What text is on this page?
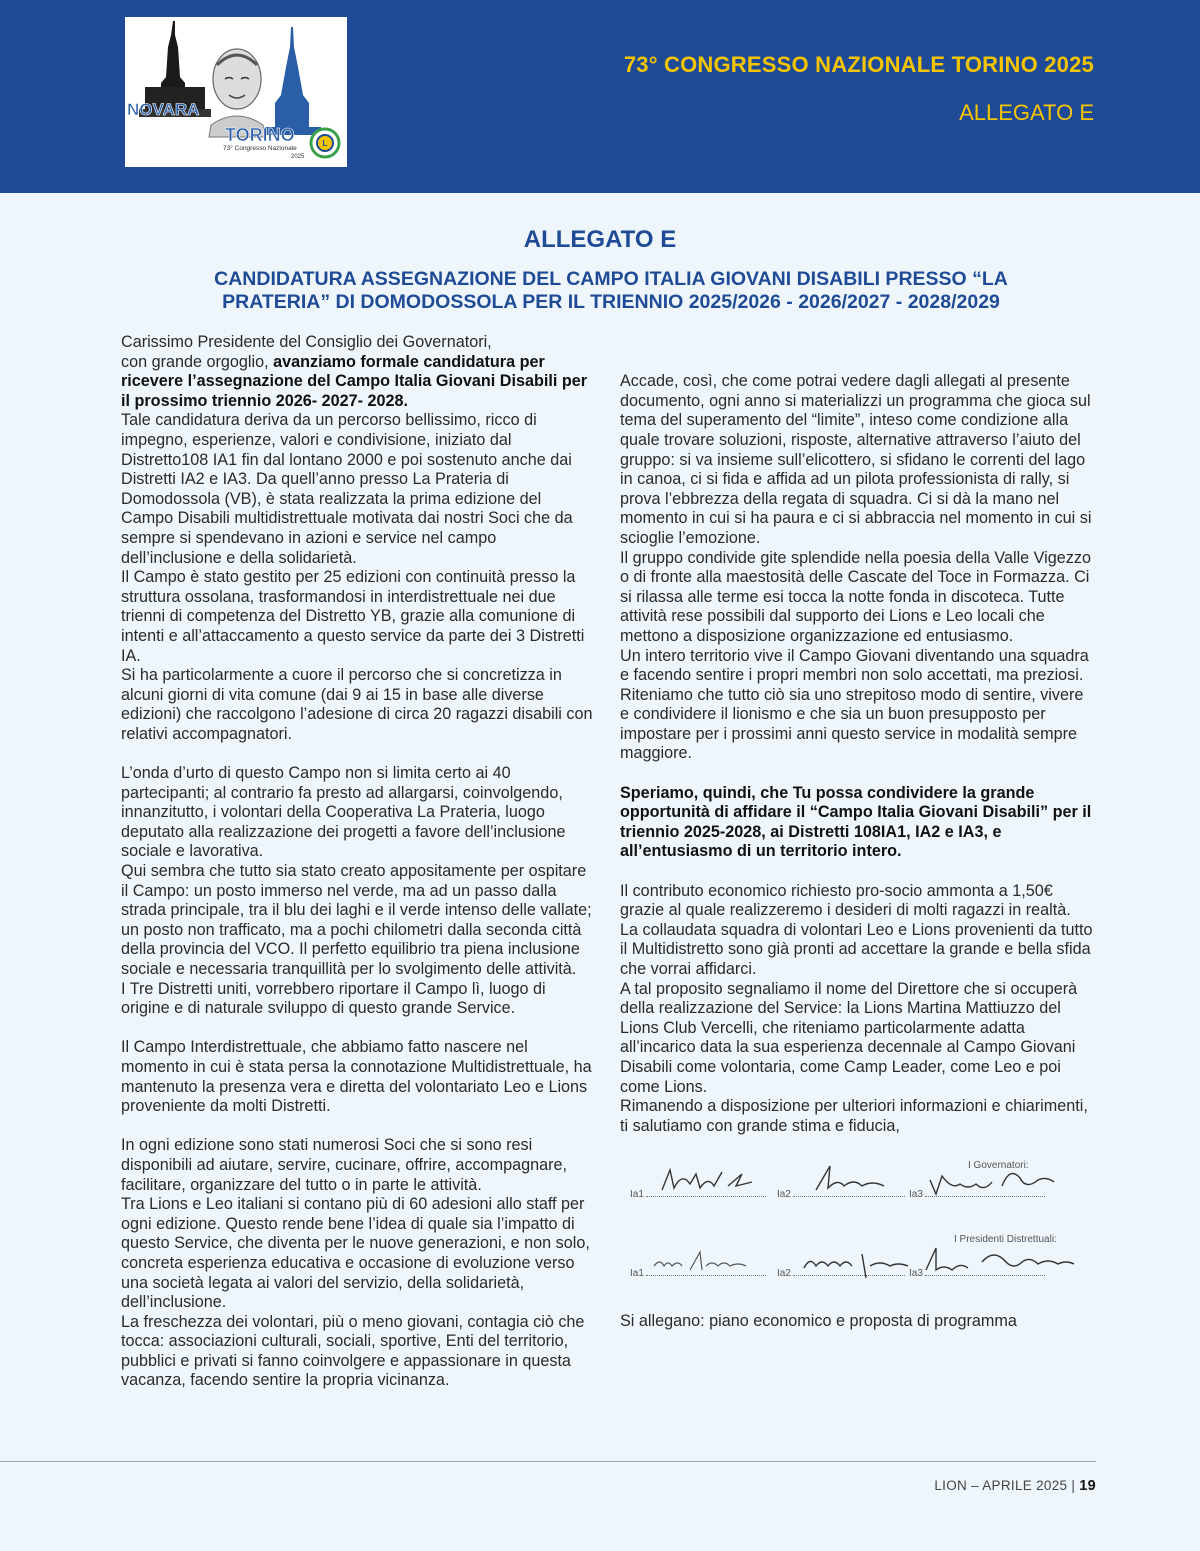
L
NOVARA
TORINO
73° Congresso Nazionale
2025
73° CONGRESSO NAZIONALE TORINO 2025
ALLEGATO E
ALLEGATO E
CANDIDATURA ASSEGNAZIONE DEL CAMPO ITALIA GIOVANI DISABILI PRESSO “LA
PRATERIA” DI DOMODOSSOLA PER IL TRIENNIO 2025/2026 - 2026/2027 - 2028/2029

Carissimo Presidente del Consiglio dei Governatori,

con grande orgoglio, avanziamo formale candidatura per ricevere l’assegnazione del Campo Italia Giovani Disabili per il prossimo triennio 2026- 2027- 2028.

Tale candidatura deriva da un percorso bellissimo, ricco di impegno, esperienze, valori e condivisione, iniziato dal Distretto108 IA1 fin dal lontano 2000 e poi sostenuto anche dai Distretti IA2 e IA3. Da quell’anno presso La Prateria di Domodossola (VB), è stata realizzata la prima edizione del Campo Disabili multidistrettuale motivata dai nostri Soci che da sempre si spendevano in azioni e service nel campo dell’inclusione e della solidarietà.

Il Campo è stato gestito per 25 edizioni con continuità presso la struttura ossolana, trasformandosi in interdistrettuale nei due trienni di competenza del Distretto YB, grazie alla comunione di intenti e all’attaccamento a questo service da parte dei 3 Distretti IA.

Si ha particolarmente a cuore il percorso che si concretizza in alcuni giorni di vita comune (dai 9 ai 15 in base alle diverse edizioni) che raccolgono l’adesione di circa 20 ragazzi disabili con relativi accompagnatori.

L’onda d’urto di questo Campo non si limita certo ai 40 partecipanti; al contrario fa presto ad allargarsi, coinvolgendo, innanzitutto, i volontari della Cooperativa La Prateria, luogo deputato alla realizzazione dei progetti a favore dell’inclusione sociale e lavorativa.

Qui sembra che tutto sia stato creato appositamente per ospitare il Campo: un posto immerso nel verde, ma ad un passo dalla strada principale, tra il blu dei laghi e il verde intenso delle vallate; un posto non trafficato, ma a pochi chilometri dalla seconda città della provincia del VCO. Il perfetto equilibrio tra piena inclusione sociale e necessaria tranquillità per lo svolgimento delle attività.

I Tre Distretti uniti, vorrebbero riportare il Campo lì, luogo di origine e di naturale sviluppo di questo grande Service.

Il Campo Interdistrettuale, che abbiamo fatto nascere nel momento in cui è stata persa la connotazione Multidistrettuale, ha mantenuto la presenza vera e diretta del volontariato Leo e Lions proveniente da molti Distretti.

In ogni edizione sono stati numerosi Soci che si sono resi disponibili ad aiutare, servire, cucinare, offrire, accompagnare, facilitare, organizzare del tutto o in parte le attività.

Tra Lions e Leo italiani si contano più di 60 adesioni allo staff per ogni edizione. Questo rende bene l’idea di quale sia l’impatto di questo Service, che diventa per le nuove generazioni, e non solo, concreta esperienza educativa e occasione di evoluzione verso una società legata ai valori del servizio, della solidarietà, dell’inclusione.

La freschezza dei volontari, più o meno giovani, contagia ciò che tocca: associazioni culturali, sociali, sportive, Enti del territorio, pubblici e privati si fanno coinvolgere e appassionare in questa vacanza, facendo sentire la propria vicinanza.

Accade, così, che come potrai vedere dagli allegati al presente documento, ogni anno si materializzi un programma che gioca sul tema del superamento del “limite”, inteso come condizione alla quale trovare soluzioni, risposte, alternative attraverso l’aiuto del gruppo: si va insieme sull’elicottero, si sfidano le correnti del lago in canoa, ci si fida e affida ad un pilota professionista di rally, si prova l’ebbrezza della regata di squadra. Ci si dà la mano nel momento in cui si ha paura e ci si abbraccia nel momento in cui si scioglie l’emozione.

Il gruppo condivide gite splendide nella poesia della Valle Vigezzo o di fronte alla maestosità delle Cascate del Toce in Formazza. Ci si rilassa alle terme esi tocca la notte fonda in discoteca. Tutte attività rese possibili dal supporto dei Lions e Leo locali che mettono a disposizione organizzazione ed entusiasmo.

Un intero territorio vive il Campo Giovani diventando una squadra e facendo sentire i propri membri non solo accettati, ma preziosi.

Riteniamo che tutto ciò sia uno strepitoso modo di sentire, vivere e condividere il lionismo e che sia un buon presupposto per impostare per i prossimi anni questo service in modalità sempre maggiore.

Speriamo, quindi, che Tu possa condividere la grande opportunità di affidare il “Campo Italia Giovani Disabili” per il triennio 2025-2028, ai Distretti 108IA1, IA2 e IA3, e all’entusiasmo di un territorio intero.

Il contributo economico richiesto pro-socio ammonta a 1,50€ grazie al quale realizzeremo i desideri di molti ragazzi in realtà.

La collaudata squadra di volontari Leo e Lions provenienti da tutto il Multidistretto sono già pronti ad accettare la grande e bella sfida che vorrai affidarci.

A tal proposito segnaliamo il nome del Direttore che si occuperà della realizzazione del Service: la Lions Martina Mattiuzzo del Lions Club Vercelli, che riteniamo particolarmente adatta all’incarico data la sua esperienza decennale al Campo Giovani Disabili come volontaria, come Camp Leader, come Leo e poi come Lions.

Rimanendo a disposizione per ulteriori informazioni e chiarimenti, ti salutiamo con grande stima e fiducia,

I Governatori:
Ia1	Ia2	Ia3
I Presidenti Distrettuali:
Ia1	Ia2	Ia3

Si allegano: piano economico e proposta di programma

LION – APRILE 2025 | 19
